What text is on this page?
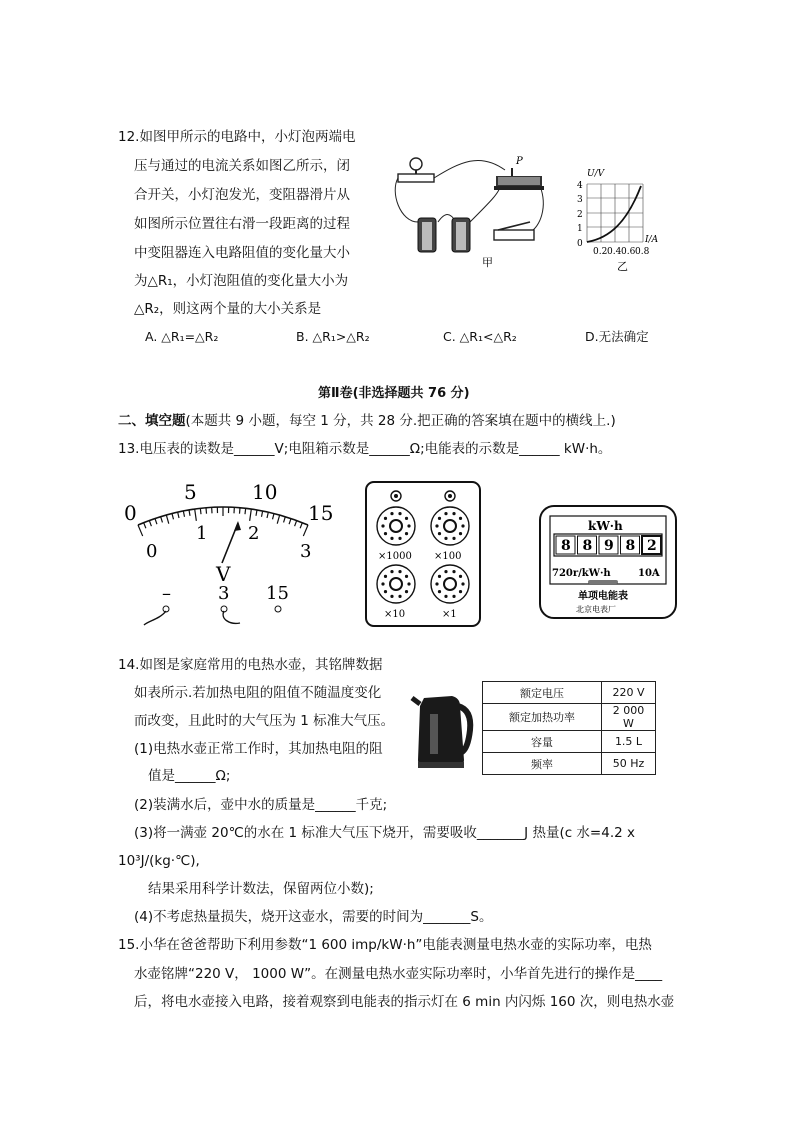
12.如图甲所示的电路中，小灯泡两端电
压与通过的电流关系如图乙所示，闭
合开关，小灯泡发光，变阻器滑片从
如图所示位置往右滑一段距离的过程
中变阻器连入电路阻值的变化量大小
为△R₁，小灯泡阻值的变化量大小为
△R₂，则这两个量的大小关系是
A. △R₁=△R₂	B. △R₁>△R₂	C. △R₁<△R₂	D.无法确定
P
甲
U/V
I/A
4
3
2
1
0
0.2 0.4 0.6 0.8
乙
第Ⅱ卷(非选择题共 76 分)
二、填空题(本题共 9 小题，每空 1 分，共 28 分.把正确的答案填在题中的横线上.)
13.电压表的读数是______V;电阻箱示数是______Ω;电能表的示数是______ kW·h。
0
5	10
15
0
1 2
3
V
–	3 15
×1000 ×100
×10	×1
kW·h
8 8 9 8 2
720r/kW·h	10A
单项电能表
北京电表厂
14.如图是家庭常用的电热水壶，其铭牌数据
如表所示.若加热电阻的阻值不随温度变化
而改变，且此时的大气压为 1 标准大气压。
(1)电热水壶正常工作时，其加热电阻的阻
值是______Ω;
(2)装满水后，壶中水的质量是______千克;
(3)将一满壶 20℃的水在 1 标准大气压下烧开，需要吸收_______J 热量(c 水=4.2 x
10³J/(kg·℃),
结果采用科学计数法，保留两位小数);
(4)不考虑热量损失，烧开这壶水，需要的时间为_______S。
额定电压	220 V
额定加热功率	2 000 W
容量	1.5 L
频率	50 Hz
15.小华在爸爸帮助下利用参数“1 600 imp/kW·h”电能表测量电热水壶的实际功率，电热
水壶铭牌“220 V， 1000 W”。在测量电热水壶实际功率时，小华首先进行的操作是____
后，将电水壶接入电路，接着观察到电能表的指示灯在 6 min 内闪烁 160 次，则电热水壶
